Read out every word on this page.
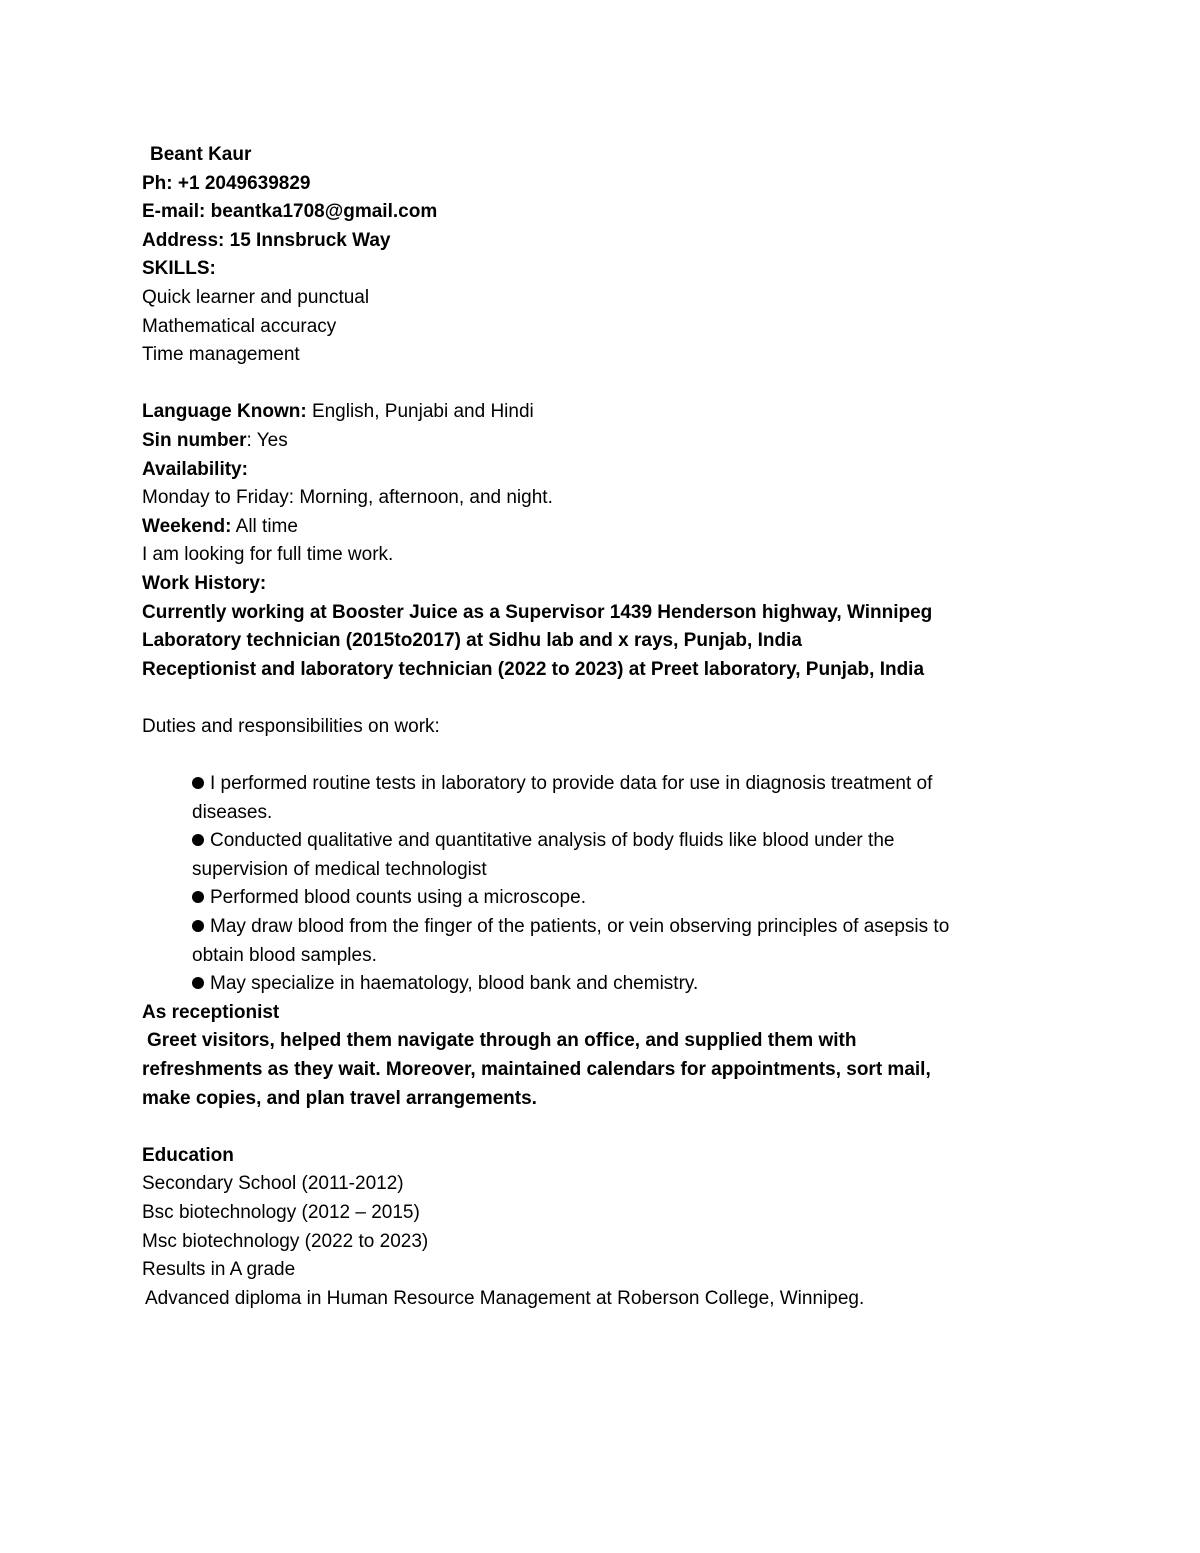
Beant Kaur
Ph: +1 2049639829
E-mail: beantka1708@gmail.com
Address: 15 Innsbruck Way
SKILLS:
Quick learner and punctual
Mathematical accuracy
Time management
Language Known: English, Punjabi and Hindi
Sin number: Yes
Availability:
Monday to Friday: Morning, afternoon, and night.
Weekend: All time
I am looking for full time work.
Work History:
Currently working at Booster Juice as a Supervisor 1439 Henderson highway, Winnipeg
Laboratory technician (2015to2017) at Sidhu lab and x rays, Punjab, India
Receptionist and laboratory technician (2022 to 2023) at Preet laboratory, Punjab, India
Duties and responsibilities on work:
I performed routine tests in laboratory to provide data for use in diagnosis treatment of
diseases.
Conducted qualitative and quantitative analysis of body fluids like blood under the
supervision of medical technologist
Performed blood counts using a microscope.
May draw blood from the finger of the patients, or vein observing principles of asepsis to
obtain blood samples.
May specialize in haematology, blood bank and chemistry.
As receptionist
Greet visitors, helped them navigate through an office, and supplied them with
refreshments as they wait. Moreover, maintained calendars for appointments, sort mail,
make copies, and plan travel arrangements.
Education
Secondary School (2011-2012)
Bsc biotechnology (2012 – 2015)
Msc biotechnology (2022 to 2023)
Results in A grade
Advanced diploma in Human Resource Management at Roberson College, Winnipeg.
